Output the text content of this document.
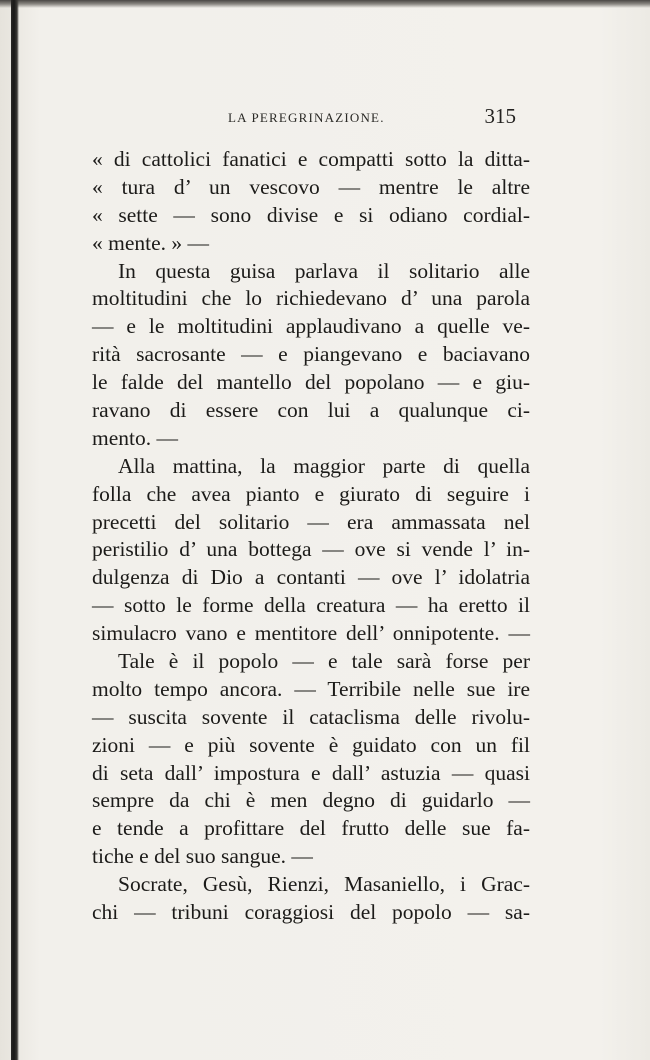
LA PEREGRINAZIONE.	315
« di cattolici fanatici e compatti sotto la ditta-
« tura d’ un vescovo — mentre le altre
« sette — sono divise e si odiano cordial-
« mente. » —
In questa guisa parlava il solitario alle
moltitudini che lo richiedevano d’ una parola
— e le moltitudini applaudivano a quelle ve-
rità sacrosante — e piangevano e baciavano
le falde del mantello del popolano — e giu-
ravano di essere con lui a qualunque ci-
mento. —
Alla mattina, la maggior parte di quella
folla che avea pianto e giurato di seguire i
precetti del solitario — era ammassata nel
peristilio d’ una bottega — ove si vende l’ in-
dulgenza di Dio a contanti — ove l’ idolatria
— sotto le forme della creatura — ha eretto il
simulacro vano e mentitore dell’ onnipotente. —
Tale è il popolo — e tale sarà forse per
molto tempo ancora. — Terribile nelle sue ire
— suscita sovente il cataclisma delle rivolu-
zioni — e più sovente è guidato con un fil
di seta dall’ impostura e dall’ astuzia — quasi
sempre da chi è men degno di guidarlo —
e tende a profittare del frutto delle sue fa-
tiche e del suo sangue. —
Socrate, Gesù, Rienzi, Masaniello, i Grac-
chi — tribuni coraggiosi del popolo — sa-
